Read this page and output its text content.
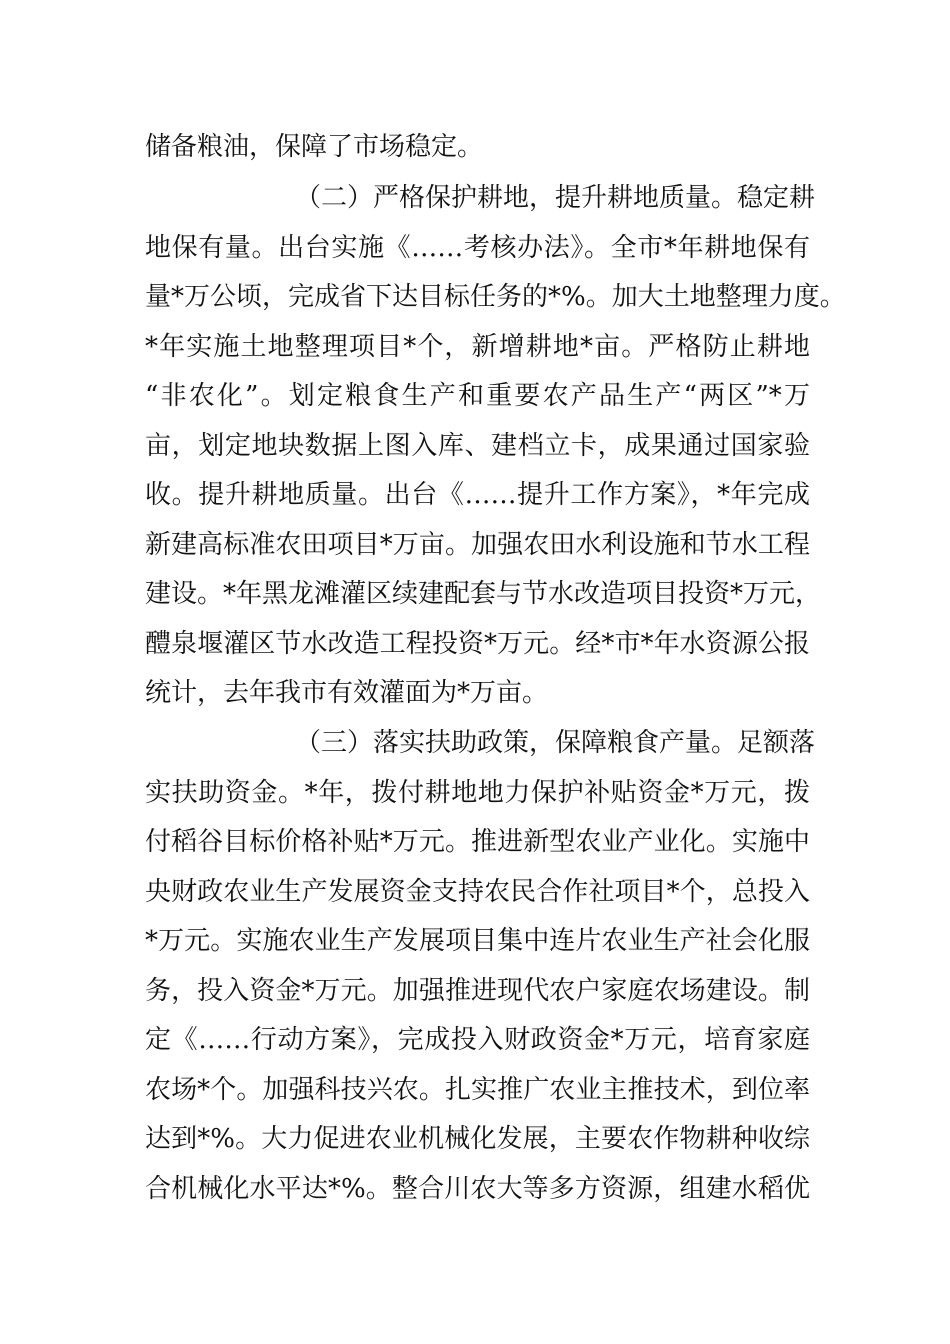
储备粮油，保障了市场稳定。
（二）严格保护耕地，提升耕地质量。稳定耕
地保有量。出台实施《……考核办法》。全市*年耕地保有
量*万公顷，完成省下达目标任务的*%。加大土地整理力度。
*年实施土地整理项目*个，新增耕地*亩。严格防止耕地
“非农化”。划定粮食生产和重要农产品生产“两区”*万
亩，划定地块数据上图入库、建档立卡，成果通过国家验
收。提升耕地质量。出台《……提升工作方案》，*年完成
新建高标准农田项目*万亩。加强农田水利设施和节水工程
建设。*年黑龙滩灌区续建配套与节水改造项目投资*万元，
醴泉堰灌区节水改造工程投资*万元。经*市*年水资源公报
统计，去年我市有效灌面为*万亩。
（三）落实扶助政策，保障粮食产量。足额落
实扶助资金。*年，拨付耕地地力保护补贴资金*万元，拨
付稻谷目标价格补贴*万元。推进新型农业产业化。实施中
央财政农业生产发展资金支持农民合作社项目*个，总投入
*万元。实施农业生产发展项目集中连片农业生产社会化服
务，投入资金*万元。加强推进现代农户家庭农场建设。制
定《……行动方案》，完成投入财政资金*万元，培育家庭
农场*个。加强科技兴农。扎实推广农业主推技术，到位率
达到*%。大力促进农业机械化发展，主要农作物耕种收综
合机械化水平达*%。整合川农大等多方资源，组建水稻优
